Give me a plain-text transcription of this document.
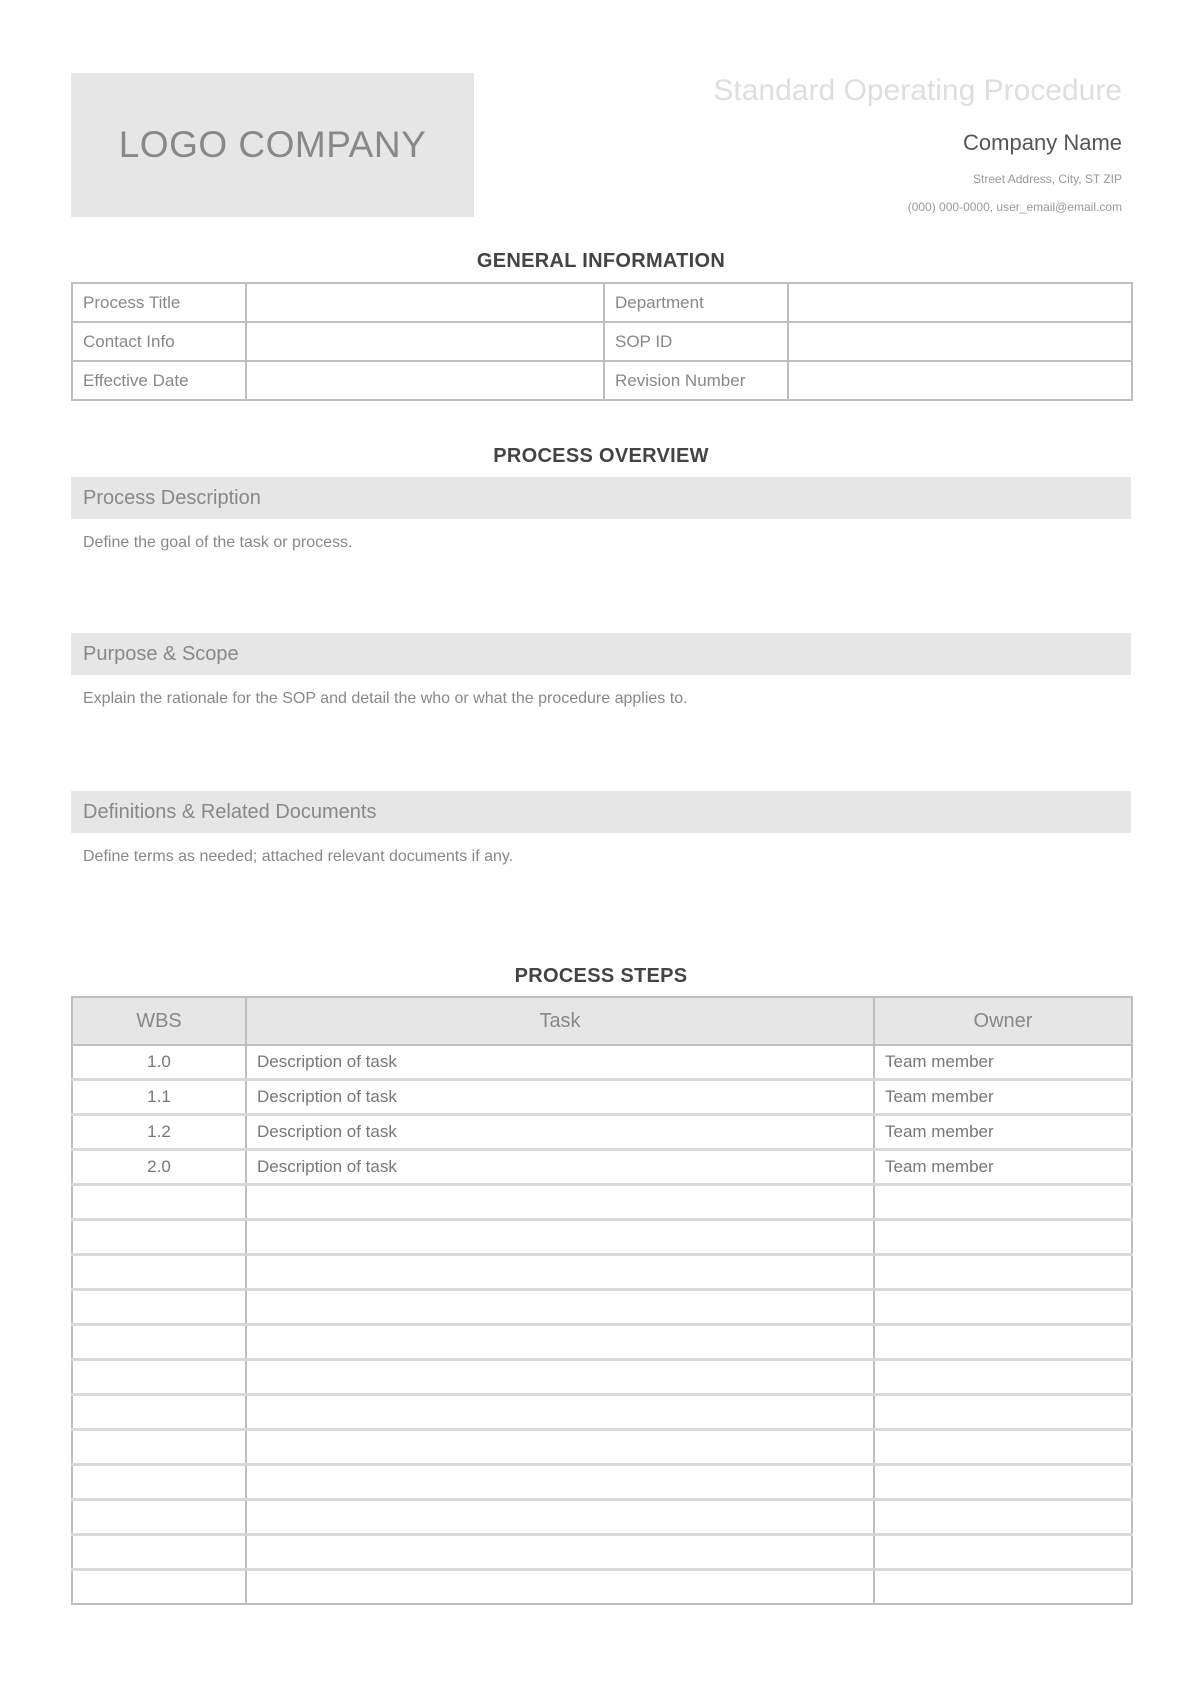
LOGO COMPANY
Standard Operating Procedure
Company Name
Street Address, City, ST ZIP
(000) 000-0000, user_email@email.com
GENERAL INFORMATION
Process Title		Department	
Contact Info		SOP ID	
Effective Date		Revision Number	
PROCESS OVERVIEW
Process Description
Define the goal of the task or process.
Purpose & Scope
Explain the rationale for the SOP and detail the who or what the procedure applies to.
Definitions & Related Documents
Define terms as needed; attached relevant documents if any.
PROCESS STEPS
WBS	Task	Owner
1.0	Description of task	Team member
1.1	Description of task	Team member
1.2	Description of task	Team member
2.0	Description of task	Team member
